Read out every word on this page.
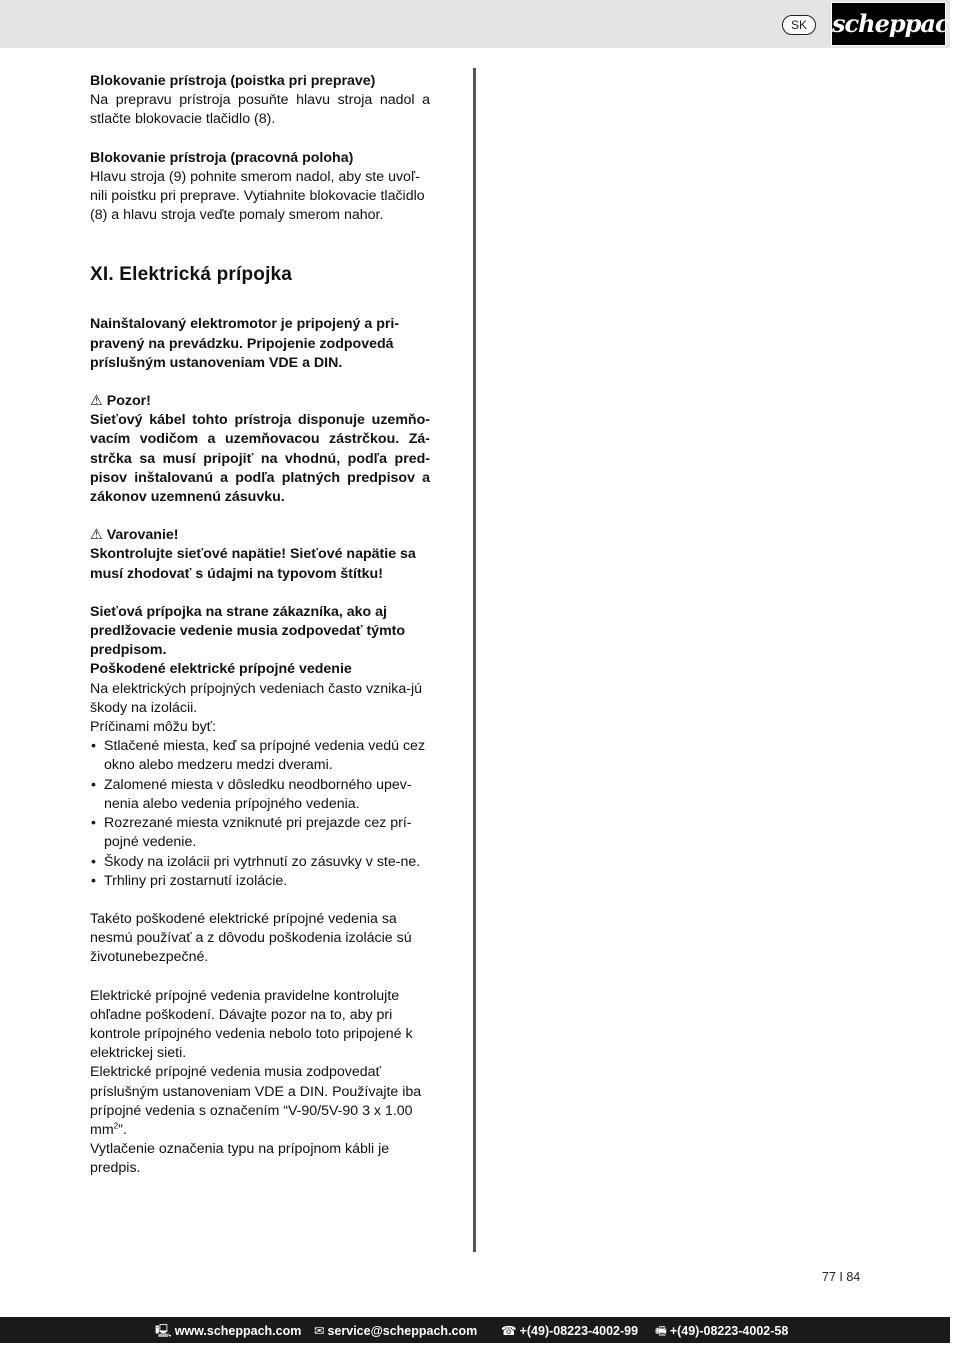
SK	scheppach

Blokovanie prístroja (poistka pri preprave)

Na prepravu prístroja posuňte hlavu stroja nadol a stlačte blokovacie tlačidlo (8).

Blokovanie prístroja (pracovná poloha)

Hlavu stroja (9) pohnite smerom nadol, aby ste uvoľ-nili poistku pri preprave. Vytiahnite blokovacie tlačidlo (8) a hlavu stroja veďte pomaly smerom nahor.

XI. Elektrická prípojka

Nainštalovaný elektromotor je pripojený a pri-pravený na prevádzku. Pripojenie zodpovedá príslušným ustanoveniam VDE a DIN.

⚠ Pozor!

Sieťový kábel tohto prístroja disponuje uzemňo-vacím vodičom a uzemňovacou zástrčkou. Zá-strčka sa musí pripojiť na vhodnú, podľa pred-pisov inštalovanú a podľa platných predpisov a zákonov uzemnenú zásuvku.

⚠ Varovanie!

Skontrolujte sieťové napätie! Sieťové napätie sa musí zhodovať s údajmi na typovom štítku!

Sieťová prípojka na strane zákazníka, ako aj predlžovacie vedenie musia zodpovedať týmto predpisom.

Poškodené elektrické prípojné vedenie

Na elektrických prípojných vedeniach často vznika-jú škody na izolácii.

Príčinami môžu byť:

• Stlačené miesta, keď sa prípojné vedenia vedú cez okno alebo medzeru medzi dverami.
• Zalomené miesta v dôsledku neodborného upev-nenia alebo vedenia prípojného vedenia.
• Rozrezané miesta vzniknuté pri prejazde cez prí-pojné vedenie.
• Škody na izolácii pri vytrhnutí zo zásuvky v ste-ne.
• Trhliny pri zostarnutí izolácie.

Takéto poškodené elektrické prípojné vedenia sa nesmú používať a z dôvodu poškodenia izolácie sú životunebezpečné.

Elektrické prípojné vedenia pravidelne kontrolujte ohľadne poškodení. Dávajte pozor na to, aby pri kontrole prípojného vedenia nebolo toto pripojené k elektrickej sieti.

Elektrické prípojné vedenia musia zodpovedať príslušným ustanoveniam VDE a DIN. Používajte iba prípojné vedenia s označením “V-90/5V-90 3 x 1.00 $mm^2$”.

Vytlačenie označenia typu na prípojnom kábli je predpis.

77 I 84
🖳 www.scheppach.com ✉ service@scheppach.com ☎ +(49)-08223-4002-99 🖷 +(49)-08223-4002-58
